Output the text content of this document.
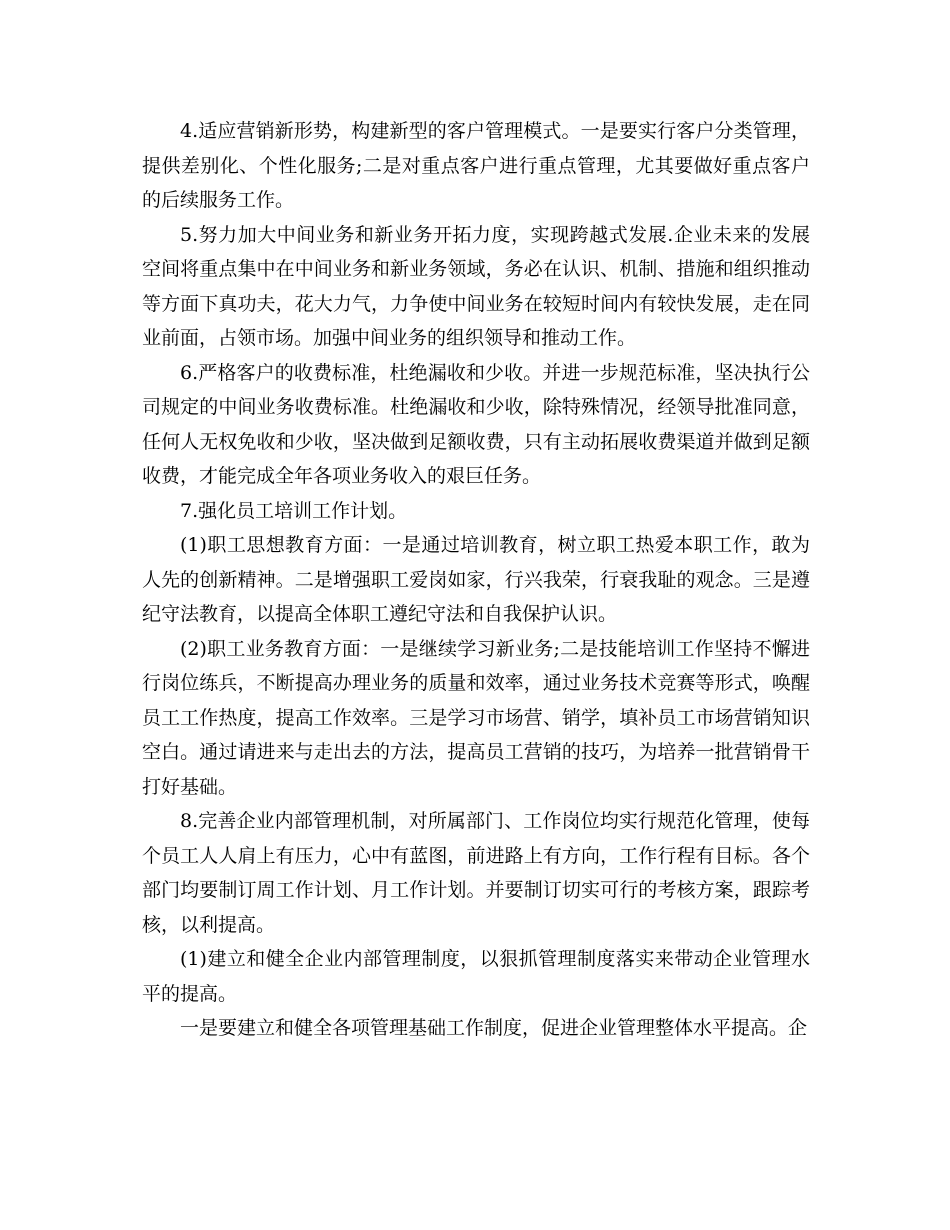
4.适应营销新形势，构建新型的客户管理模式。一是要实行客户分类管理，提供差别化、个性化服务;二是对重点客户进行重点管理，尤其要做好重点客户的后续服务工作。

5.努力加大中间业务和新业务开拓力度，实现跨越式发展.企业未来的发展空间将重点集中在中间业务和新业务领域，务必在认识、机制、措施和组织推动等方面下真功夫，花大力气，力争使中间业务在较短时间内有较快发展，走在同业前面，占领市场。加强中间业务的组织领导和推动工作。

6.严格客户的收费标准，杜绝漏收和少收。并进一步规范标准，坚决执行公司规定的中间业务收费标准。杜绝漏收和少收，除特殊情况，经领导批准同意，任何人无权免收和少收，坚决做到足额收费，只有主动拓展收费渠道并做到足额收费，才能完成全年各项业务收入的艰巨任务。

7.强化员工培训工作计划。

(1)职工思想教育方面：一是通过培训教育，树立职工热爱本职工作，敢为人先的创新精神。二是增强职工爱岗如家，行兴我荣，行衰我耻的观念。三是遵纪守法教育，以提高全体职工遵纪守法和自我保护认识。

(2)职工业务教育方面：一是继续学习新业务;二是技能培训工作坚持不懈进行岗位练兵，不断提高办理业务的质量和效率，通过业务技术竞赛等形式，唤醒员工工作热度，提高工作效率。三是学习市场营、销学，填补员工市场营销知识空白。通过请进来与走出去的方法，提高员工营销的技巧，为培养一批营销骨干打好基础。

8.完善企业内部管理机制，对所属部门、工作岗位均实行规范化管理，使每个员工人人肩上有压力，心中有蓝图，前进路上有方向，工作行程有目标。各个部门均要制订周工作计划、月工作计划。并要制订切实可行的考核方案，跟踪考核，以利提高。

(1)建立和健全企业内部管理制度，以狠抓管理制度落实来带动企业管理水平的提高。

一是要建立和健全各项管理基础工作制度，促进企业管理整体水平提高。企
